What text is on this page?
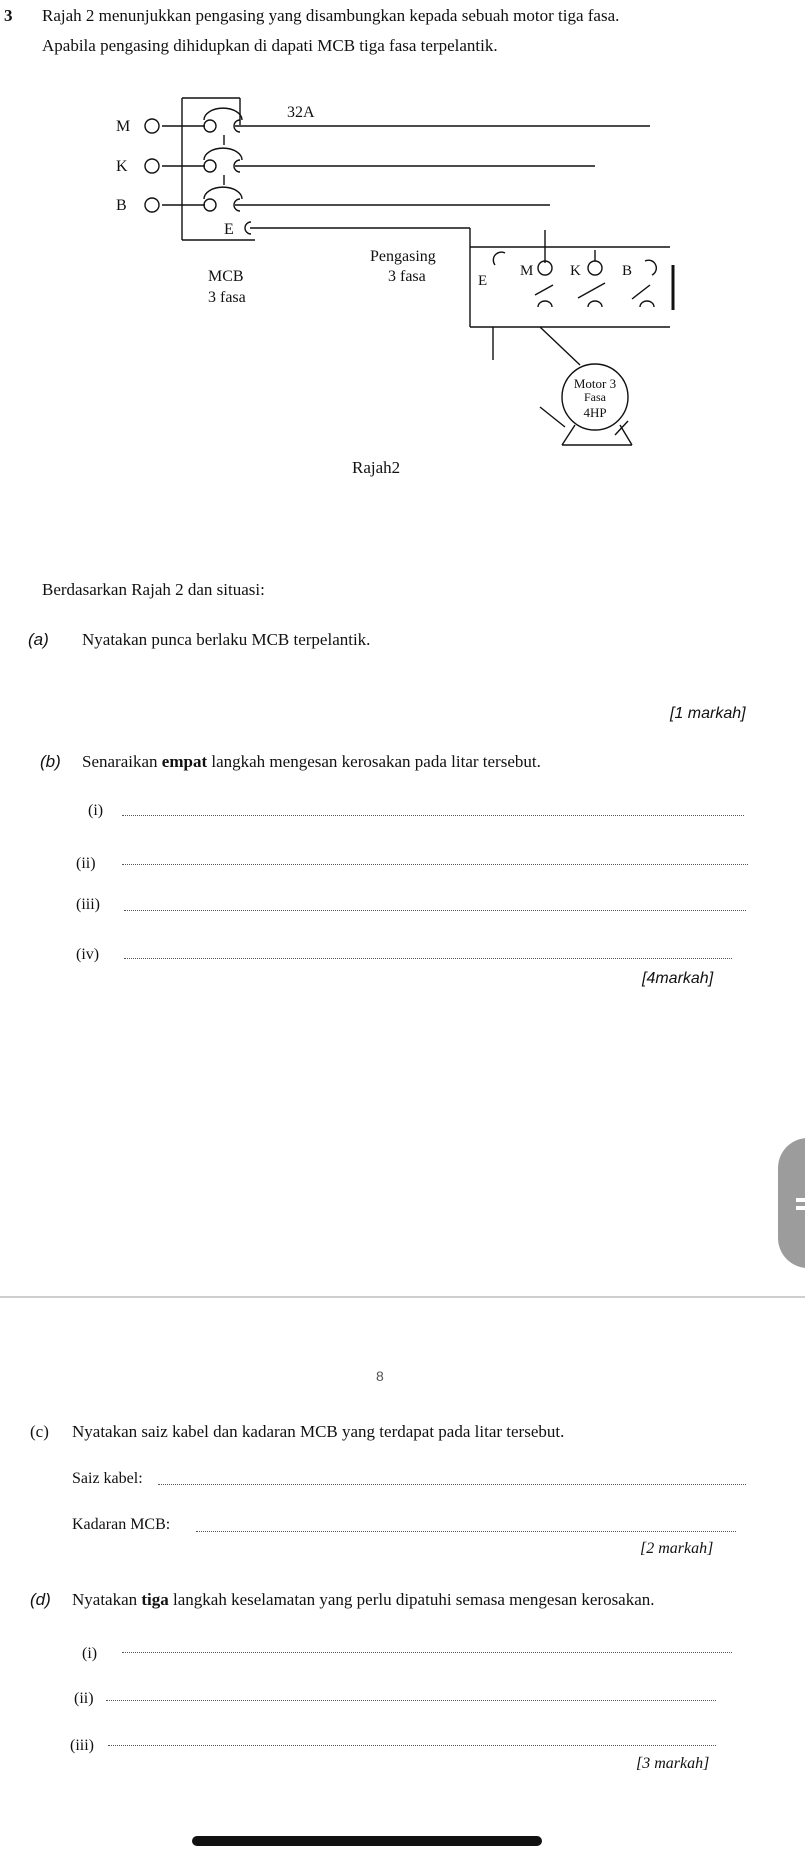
3 Rajah 2 menunjukkan pengasing yang disambungkan kepada sebuah motor tiga fasa.
Apabila pengasing dihidupkan di dapati MCB tiga fasa terpelantik.
32A
M
K
B
E
MCB
3 fasa
Pengasing
3 fasa	E
M K	B
Motor 3
Fasa
4HP
Rajah2
Berdasarkan Rajah 2 dan situasi:
(a) Nyatakan punca berlaku MCB terpelantik.
[1 markah]
(b) Senaraikan empat langkah mengesan kerosakan pada litar tersebut.
(i)
(ii)
(iii)
(iv)
[4markah]
8
(c) Nyatakan saiz kabel dan kadaran MCB yang terdapat pada litar tersebut.
Saiz kabel:
Kadaran MCB:
[2 markah]
(d) Nyatakan tiga langkah keselamatan yang perlu dipatuhi semasa mengesan kerosakan.
(i)
(ii)
(iii)
[3 markah]
